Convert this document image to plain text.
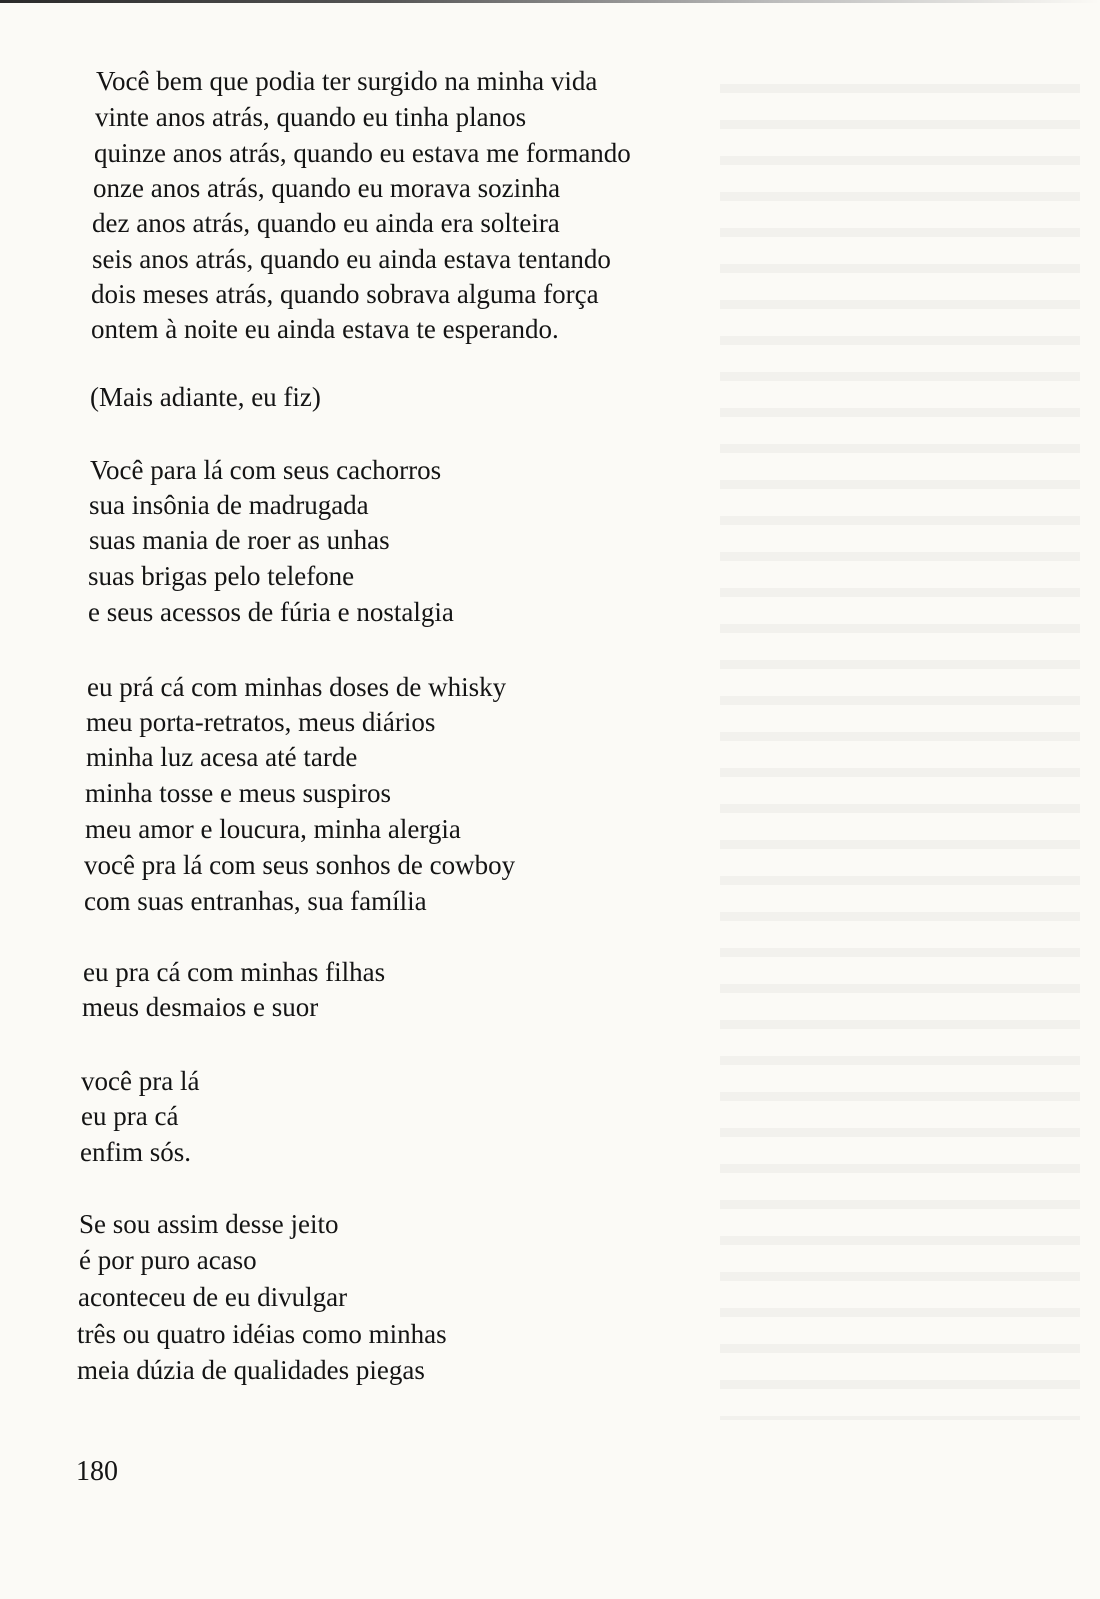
Você bem que podia ter surgido na minha vida
vinte anos atrás, quando eu tinha planos
quinze anos atrás, quando eu estava me formando
onze anos atrás, quando eu morava sozinha
dez anos atrás, quando eu ainda era solteira
seis anos atrás, quando eu ainda estava tentando
dois meses atrás, quando sobrava alguma força
ontem à noite eu ainda estava te esperando.
(Mais adiante, eu fiz)
Você para lá com seus cachorros
sua insônia de madrugada
suas mania de roer as unhas
suas brigas pelo telefone
e seus acessos de fúria e nostalgia
eu prá cá com minhas doses de whisky
meu porta-retratos, meus diários
minha luz acesa até tarde
minha tosse e meus suspiros
meu amor e loucura, minha alergia
você pra lá com seus sonhos de cowboy
com suas entranhas, sua família
eu pra cá com minhas filhas
meus desmaios e suor
você pra lá
eu pra cá
enfim sós.
Se sou assim desse jeito
é por puro acaso
aconteceu de eu divulgar
três ou quatro idéias como minhas
meia dúzia de qualidades piegas
180
